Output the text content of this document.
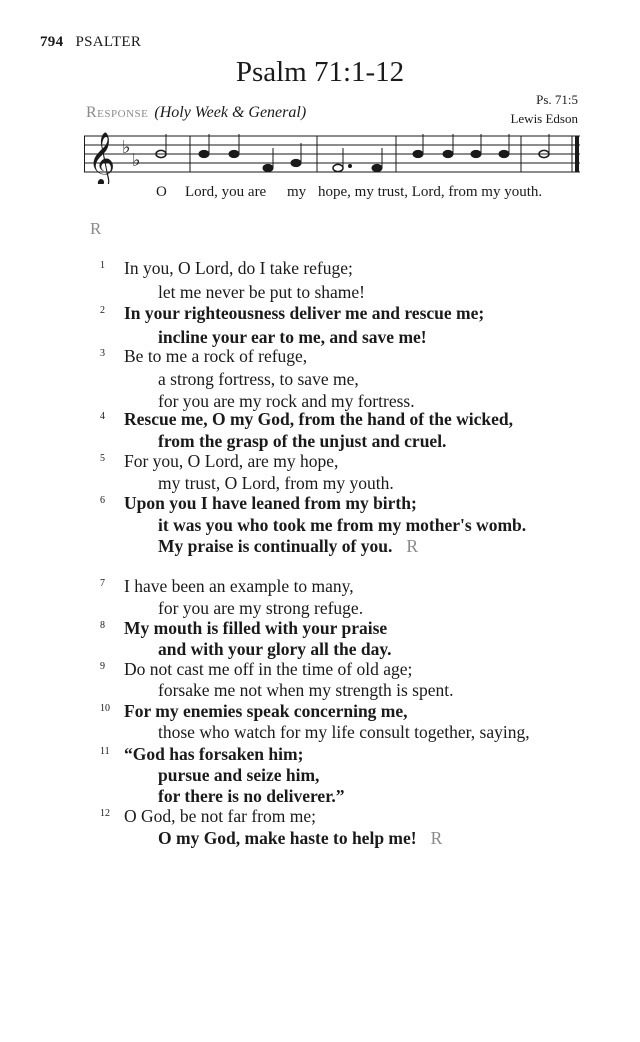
794 PSALTER
Psalm 71:1-12
Response (Holy Week & General)
Ps. 71:5
Lewis Edson
𝄞 ♭
♭
O Lord, you are my hope, my trust, Lord, from my youth.
R
1 In you, O Lord, do I take refuge;
let me never be put to shame!
2 In your righteousness deliver me and rescue me;
incline your ear to me, and save me!
3 Be to me a rock of refuge,
a strong fortress, to save me,
for you are my rock and my fortress.
4 Rescue me, O my God, from the hand of the wicked,
from the grasp of the unjust and cruel.
5 For you, O Lord, are my hope,
my trust, O Lord, from my youth.
6 Upon you I have leaned from my birth;
it was you who took me from my mother's womb.
My praise is continually of you. R
7 I have been an example to many,
for you are my strong refuge.
8 My mouth is filled with your praise
and with your glory all the day.
9 Do not cast me off in the time of old age;
forsake me not when my strength is spent.
10 For my enemies speak concerning me,
those who watch for my life consult together, saying,
11 “God has forsaken him;
pursue and seize him,
for there is no deliverer.”
12 O God, be not far from me;
O my God, make haste to help me! R
